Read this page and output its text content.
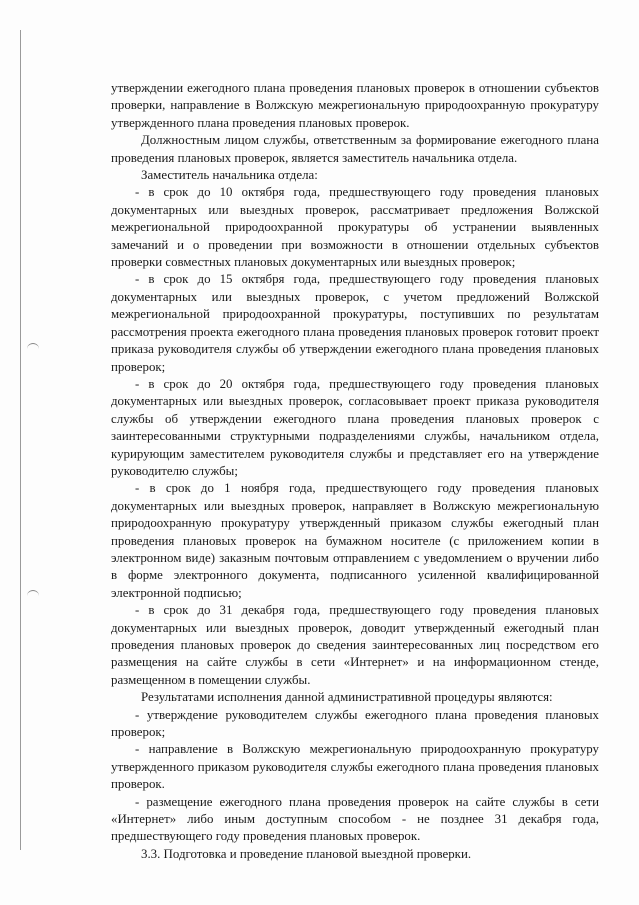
утверждении ежегодного плана проведения плановых проверок в отношении субъектов проверки, направление в Волжскую межрегиональную природоохранную прокуратуру утвержденного плана проведения плановых проверок.

Должностным лицом службы, ответственным за формирование ежегодного плана проведения плановых проверок, является заместитель начальника отдела.

Заместитель начальника отдела:

- в срок до 10 октября года, предшествующего году проведения плановых документарных или выездных проверок, рассматривает предложения Волжской межрегиональной природоохранной прокуратуры об устранении выявленных замечаний и о проведении при возможности в отношении отдельных субъектов проверки совместных плановых документарных или выездных проверок;

- в срок до 15 октября года, предшествующего году проведения плановых документарных или выездных проверок, с учетом предложений Волжской межрегиональной природоохранной прокуратуры, поступивших по результатам рассмотрения проекта ежегодного плана проведения плановых проверок готовит проект приказа руководителя службы об утверждении ежегодного плана проведения плановых проверок;

- в срок до 20 октября года, предшествующего году проведения плановых документарных или выездных проверок, согласовывает проект приказа руководителя службы об утверждении ежегодного плана проведения плановых проверок с заинтересованными структурными подразделениями службы, начальником отдела, курирующим заместителем руководителя службы и представляет его на утверждение руководителю службы;

- в срок до 1 ноября года, предшествующего году проведения плановых документарных или выездных проверок, направляет в Волжскую межрегиональную природоохранную прокуратуру утвержденный приказом службы ежегодный план проведения плановых проверок на бумажном носителе (с приложением копии в электронном виде) заказным почтовым отправлением с уведомлением о вручении либо в форме электронного документа, подписанного усиленной квалифицированной электронной подписью;

- в срок до 31 декабря года, предшествующего году проведения плановых документарных или выездных проверок, доводит утвержденный ежегодный план проведения плановых проверок до сведения заинтересованных лиц посредством его размещения на сайте службы в сети «Интернет» и на информационном стенде, размещенном в помещении службы.

Результатами исполнения данной административной процедуры являются:

- утверждение руководителем службы ежегодного плана проведения плановых проверок;

- направление в Волжскую межрегиональную природоохранную прокуратуру утвержденного приказом руководителя службы ежегодного плана проведения плановых проверок.

- размещение ежегодного плана проведения проверок на сайте службы в сети «Интернет» либо иным доступным способом - не позднее 31 декабря года, предшествующего году проведения плановых проверок.

3.3. Подготовка и проведение плановой выездной проверки.
